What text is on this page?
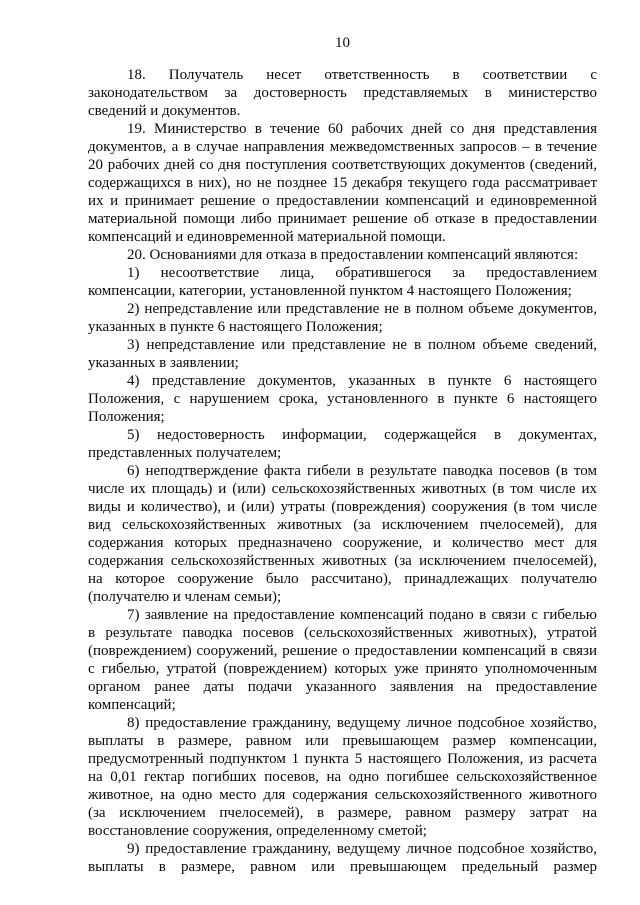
10
18. Получатель несет ответственность в соответствии с
законодательством за достоверность представляемых в министерство
сведений и документов.
19. Министерство в течение 60 рабочих дней со дня представления
документов, а в случае направления межведомственных запросов – в течение
20 рабочих дней со дня поступления соответствующих документов (сведений,
содержащихся в них), но не позднее 15 декабря текущего года рассматривает
их и принимает решение о предоставлении компенсаций и единовременной
материальной помощи либо принимает решение об отказе в предоставлении
компенсаций и единовременной материальной помощи.
20. Основаниями для отказа в предоставлении компенсаций являются:
1) несоответствие лица, обратившегося за предоставлением
компенсации, категории, установленной пунктом 4 настоящего Положения;
2) непредставление или представление не в полном объеме документов,
указанных в пункте 6 настоящего Положения;
3) непредставление или представление не в полном объеме сведений,
указанных в заявлении;
4) представление документов, указанных в пункте 6 настоящего
Положения, с нарушением срока, установленного в пункте 6 настоящего
Положения;
5) недостоверность информации, содержащейся в документах,
представленных получателем;
6) неподтверждение факта гибели в результате паводка посевов (в том
числе их площадь) и (или) сельскохозяйственных животных (в том числе их
виды и количество), и (или) утраты (повреждения) сооружения (в том числе
вид сельскохозяйственных животных (за исключением пчелосемей), для
содержания которых предназначено сооружение, и количество мест для
содержания сельскохозяйственных животных (за исключением пчелосемей),
на которое сооружение было рассчитано), принадлежащих получателю
(получателю и членам семьи);
7) заявление на предоставление компенсаций подано в связи с гибелью
в результате паводка посевов (сельскохозяйственных животных), утратой
(повреждением) сооружений, решение о предоставлении компенсаций в связи
с гибелью, утратой (повреждением) которых уже принято уполномоченным
органом ранее даты подачи указанного заявления на предоставление
компенсаций;
8) предоставление гражданину, ведущему личное подсобное хозяйство,
выплаты в размере, равном или превышающем размер компенсации,
предусмотренный подпунктом 1 пункта 5 настоящего Положения, из расчета
на 0,01 гектар погибших посевов, на одно погибшее сельскохозяйственное
животное, на одно место для содержания сельскохозяйственного животного
(за исключением пчелосемей), в размере, равном размеру затрат на
восстановление сооружения, определенному сметой;
9) предоставление гражданину, ведущему личное подсобное хозяйство,
выплаты в размере, равном или превышающем предельный размер
